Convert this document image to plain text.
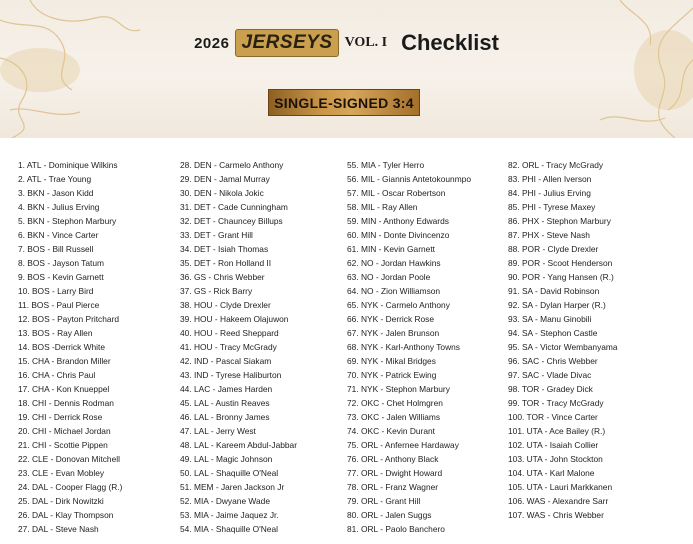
2026 JERSEYS VOL. I Checklist
SINGLE-SIGNED 3:4
1. ATL - Dominique Wilkins
2. ATL - Trae Young
3. BKN - Jason Kidd
4. BKN - Julius Erving
5. BKN - Stephon Marbury
6. BKN - Vince Carter
7. BOS - Bill Russell
8. BOS - Jayson Tatum
9. BOS - Kevin Garnett
10. BOS - Larry Bird
11. BOS - Paul Pierce
12. BOS - Payton Pritchard
13. BOS - Ray Allen
14. BOS -Derrick White
15. CHA - Brandon Miller
16. CHA - Chris Paul
17. CHA - Kon Knueppel
18. CHI - Dennis Rodman
19. CHI - Derrick Rose
20. CHI - Michael Jordan
21. CHI - Scottie Pippen
22. CLE - Donovan Mitchell
23. CLE - Evan Mobley
24. DAL - Cooper Flagg (R.)
25. DAL - Dirk Nowitzki
26. DAL - Klay Thompson
27. DAL - Steve Nash
28. DEN - Carmelo Anthony
29. DEN - Jamal Murray
30. DEN - Nikola Jokic
31. DET - Cade Cunningham
32. DET - Chauncey Billups
33. DET - Grant Hill
34. DET - Isiah Thomas
35. DET - Ron Holland II
36. GS - Chris Webber
37. GS - Rick Barry
38. HOU - Clyde Drexler
39. HOU - Hakeem Olajuwon
40. HOU - Reed Sheppard
41. HOU - Tracy McGrady
42. IND - Pascal Siakam
43. IND - Tyrese Haliburton
44. LAC - James Harden
45. LAL - Austin Reaves
46. LAL - Bronny James
47. LAL - Jerry West
48. LAL - Kareem Abdul-Jabbar
49. LAL - Magic Johnson
50. LAL - Shaquille O'Neal
51. MEM - Jaren Jackson Jr
52. MIA - Dwyane Wade
53. MIA - Jaime Jaquez Jr.
54. MIA - Shaquille O'Neal
55. MIA - Tyler Herro
56. MIL - Giannis Antetokounmpo
57. MIL - Oscar Robertson
58. MIL - Ray Allen
59. MIN - Anthony Edwards
60. MIN - Donte Divincenzo
61. MIN - Kevin Garnett
62. NO - Jordan Hawkins
63. NO - Jordan Poole
64. NO - Zion Williamson
65. NYK - Carmelo Anthony
66. NYK - Derrick Rose
67. NYK - Jalen Brunson
68. NYK - Karl-Anthony Towns
69. NYK - Mikal Bridges
70. NYK - Patrick Ewing
71. NYK - Stephon Marbury
72. OKC - Chet Holmgren
73. OKC - Jalen Williams
74. OKC - Kevin Durant
75. ORL - Anfernee Hardaway
76. ORL - Anthony Black
77. ORL - Dwight Howard
78. ORL - Franz Wagner
79. ORL - Grant Hill
80. ORL - Jalen Suggs
81. ORL - Paolo Banchero
82. ORL - Tracy McGrady
83. PHI - Allen Iverson
84. PHI - Julius Erving
85. PHI - Tyrese Maxey
86. PHX - Stephon Marbury
87. PHX - Steve Nash
88. POR - Clyde Drexler
89. POR - Scoot Henderson
90. POR - Yang Hansen (R.)
91. SA - David Robinson
92. SA - Dylan Harper (R.)
93. SA - Manu Ginobili
94. SA - Stephon Castle
95. SA - Victor Wembanyama
96. SAC - Chris Webber
97. SAC - Vlade Divac
98. TOR - Gradey Dick
99. TOR - Tracy McGrady
100. TOR - Vince Carter
101. UTA - Ace Bailey (R.)
102. UTA - Isaiah Collier
103. UTA - John Stockton
104. UTA - Karl Malone
105. UTA - Lauri Markkanen
106. WAS - Alexandre Sarr
107. WAS - Chris Webber
